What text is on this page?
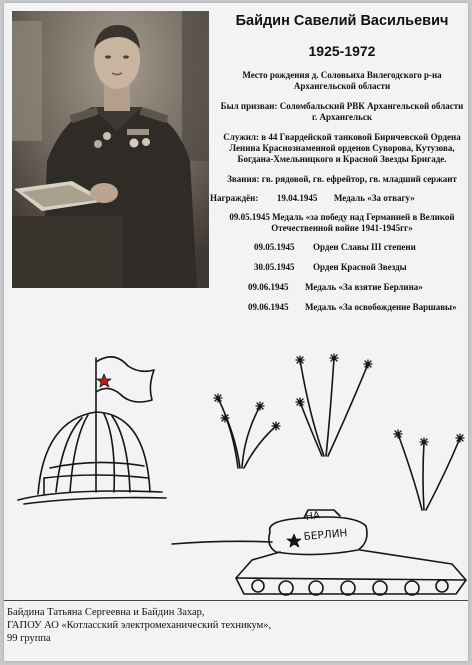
Байдин Савелий Васильевич
1925-1972
Место рождения д. Соловьиха Вилегодского р-на Архангельской области
Был призван: Соломбальский РВК Архангельской области г. Архангельск
Служил: в 44 Гвардейской танковой Биричевской Ордена Ленина Краснознаменной орденов Суворова, Кутузова, Богдана-Хмельницкого и Красной Звезды Бригаде.
Звания: гв. рядовой, гв. ефрейтор, гв. младший сержант
Награждён: 19.04.1945 Медаль «За отвагу»
09.05.1945 Медаль «за победу над Германией в Великой Отечественной войне 1941-1945гг»
09.05.1945 Орден Славы III степени
30.05.1945 Орден Красной Звезды
09.06.1945 Медаль «За взятие Берлина»
09.06.1945 Медаль «За освобождение Варшавы»
НА
БЕРЛИН
Байдина Татьяна Сергеевна и Байдин Захар,
ГАПОУ АО «Котласский электромеханический техникум»,
99 группа
